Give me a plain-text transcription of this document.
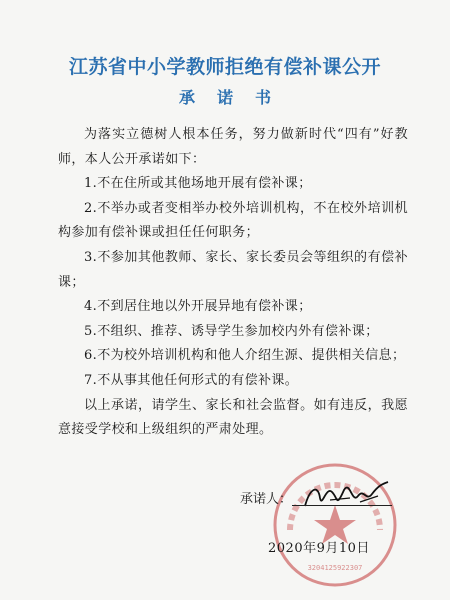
江苏省中小学教师拒绝有偿补课公开
承诺书

为落实立德树人根本任务，努力做新时代“四有”好教师，本人公开承诺如下：

1.不在住所或其他场地开展有偿补课；

2.不举办或者变相举办校外培训机构，不在校外培训机构参加有偿补课或担任任何职务；

3.不参加其他教师、家长、家长委员会等组织的有偿补课；

4.不到居住地以外开展异地有偿补课；

5.不组织、推荐、诱导学生参加校内外有偿补课；

6.不为校外培训机构和他人介绍生源、提供相关信息；

7.不从事其他任何形式的有偿补课。

以上承诺，请学生、家长和社会监督。如有违反，我愿意接受学校和上级组织的严肃处理。

3204125922307
承诺人：
2020年9月10日
